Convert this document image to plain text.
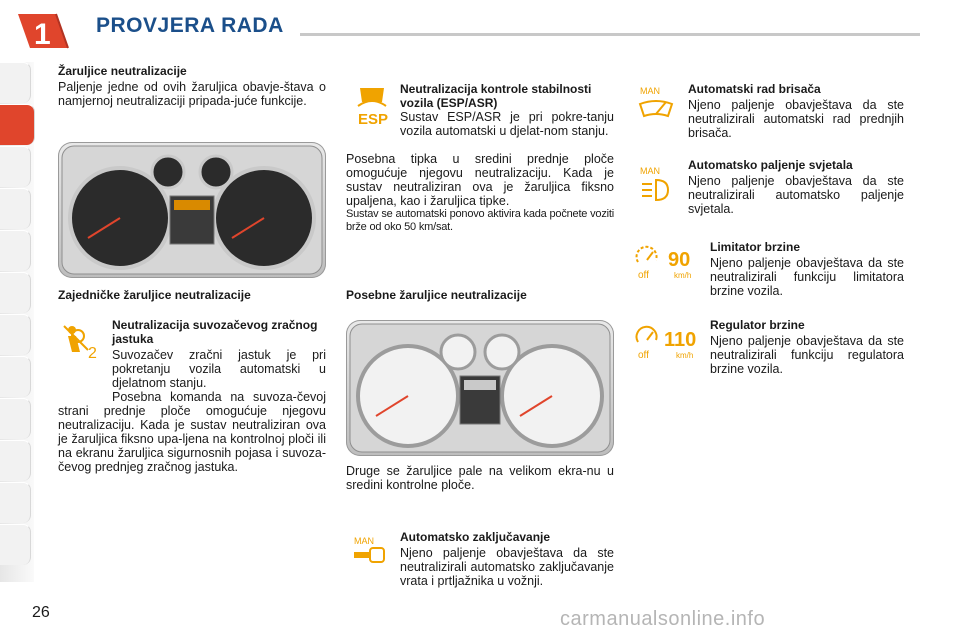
1 PROVJERA RADA
Žaruljice neutralizacije
Paljenje jedne od ovih žaruljica obavje-štava o namjernoj neutralizaciji pripada-juće funkcije.
Zajedničke žaruljice neutralizacije
2
Neutralizacija suvozačevog zračnog jastuka
Suvozačev zračni jastuk je pri pokretanju vozila automatski u djelatnom stanju.
Posebna komanda na suvoza-čevoj strani prednje ploče omogućuje njegovu neutralizaciju. Kada je sustav neutraliziran ova je žaruljica fiksno upa-ljena na kontrolnoj ploči ili na ekranu žaruljica sigurnosnih pojasa i suvoza-čevog prednjeg zračnog jastuka.
ESP
Neutralizacija kontrole stabilnosti vozila (ESP/ASR)
Sustav ESP/ASR je pri pokre-tanju vozila automatski u djelat-nom stanju.
Posebna tipka u sredini prednje ploče omogućuje njegovu neutralizaciju. Kada je sustav neutraliziran ova je žaruljica fiksno upaljena, kao i žaruljica tipke.
Sustav se automatski ponovo aktivira kada počnete voziti brže od oko 50 km/sat.
Posebne žaruljice neutralizacije
Druge se žaruljice pale na velikom ekra-nu u sredini kontrolne ploče.
MAN Automatsko zaključavanje
Njeno paljenje obavještava da ste neutralizirali automatsko zaključavanje vrata i prtljažnika u vožnji.
MAN Automatski rad brisača
Njeno paljenje obavještava da ste neutralizirali automatski rad prednjih brisača.
MAN Automatsko paljenje svjetala
Njeno paljenje obavještava da ste neutralizirali automatsko paljenje svjetala.
off
90
km/h
Limitator brzine
Njeno paljenje obavještava da ste neutralizirali funkciju limitatora brzine vozila.
off
110
km/h
Regulator brzine
Njeno paljenje obavještava da ste neutralizirali funkciju regulatora brzine vozila.
26	carmanualsonline.info
